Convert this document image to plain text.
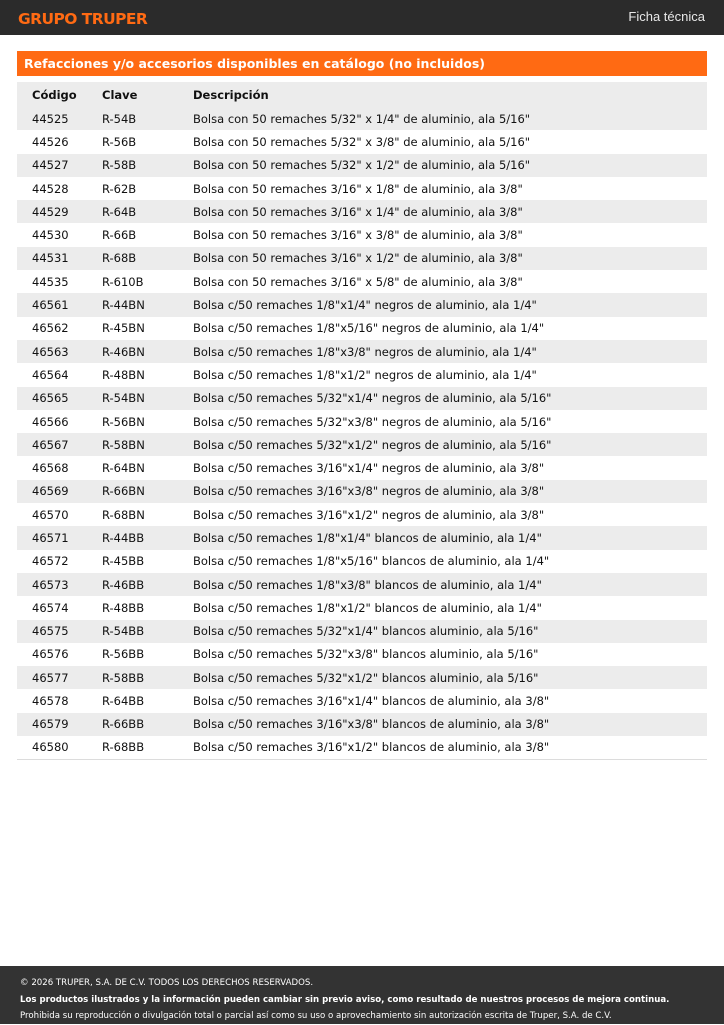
GRUPO TRUPER	Ficha técnica
Refacciones y/o accesorios disponibles en catálogo (no incluidos)
Código	Clave	Descripción
44525	R-54B	Bolsa con 50 remaches 5/32" x 1/4" de aluminio, ala 5/16"
44526	R-56B	Bolsa con 50 remaches 5/32" x 3/8" de aluminio, ala 5/16"
44527	R-58B	Bolsa con 50 remaches 5/32" x 1/2" de aluminio, ala 5/16"
44528	R-62B	Bolsa con 50 remaches 3/16" x 1/8" de aluminio, ala 3/8"
44529	R-64B	Bolsa con 50 remaches 3/16" x 1/4" de aluminio, ala 3/8"
44530	R-66B	Bolsa con 50 remaches 3/16" x 3/8" de aluminio, ala 3/8"
44531	R-68B	Bolsa con 50 remaches 3/16" x 1/2" de aluminio, ala 3/8"
44535	R-610B	Bolsa con 50 remaches 3/16" x 5/8" de aluminio, ala 3/8"
46561	R-44BN	Bolsa c/50 remaches 1/8"x1/4" negros de aluminio, ala 1/4"
46562	R-45BN	Bolsa c/50 remaches 1/8"x5/16" negros de aluminio, ala 1/4"
46563	R-46BN	Bolsa c/50 remaches 1/8"x3/8" negros de aluminio, ala 1/4"
46564	R-48BN	Bolsa c/50 remaches 1/8"x1/2" negros de aluminio, ala 1/4"
46565	R-54BN	Bolsa c/50 remaches 5/32"x1/4" negros de aluminio, ala 5/16"
46566	R-56BN	Bolsa c/50 remaches 5/32"x3/8" negros de aluminio, ala 5/16"
46567	R-58BN	Bolsa c/50 remaches 5/32"x1/2" negros de aluminio, ala 5/16"
46568	R-64BN	Bolsa c/50 remaches 3/16"x1/4" negros de aluminio, ala 3/8"
46569	R-66BN	Bolsa c/50 remaches 3/16"x3/8" negros de aluminio, ala 3/8"
46570	R-68BN	Bolsa c/50 remaches 3/16"x1/2" negros de aluminio, ala 3/8"
46571	R-44BB	Bolsa c/50 remaches 1/8"x1/4" blancos de aluminio, ala 1/4"
46572	R-45BB	Bolsa c/50 remaches 1/8"x5/16" blancos de aluminio, ala 1/4"
46573	R-46BB	Bolsa c/50 remaches 1/8"x3/8" blancos de aluminio, ala 1/4"
46574	R-48BB	Bolsa c/50 remaches 1/8"x1/2" blancos de aluminio, ala 1/4"
46575	R-54BB	Bolsa c/50 remaches 5/32"x1/4" blancos aluminio, ala 5/16"
46576	R-56BB	Bolsa c/50 remaches 5/32"x3/8" blancos aluminio, ala 5/16"
46577	R-58BB	Bolsa c/50 remaches 5/32"x1/2" blancos aluminio, ala 5/16"
46578	R-64BB	Bolsa c/50 remaches 3/16"x1/4" blancos de aluminio, ala 3/8"
46579	R-66BB	Bolsa c/50 remaches 3/16"x3/8" blancos de aluminio, ala 3/8"
46580	R-68BB	Bolsa c/50 remaches 3/16"x1/2" blancos de aluminio, ala 3/8"
© 2026 TRUPER, S.A. DE C.V. TODOS LOS DERECHOS RESERVADOS.
Los productos ilustrados y la información pueden cambiar sin previo aviso, como resultado de nuestros procesos de mejora continua.
Prohibida su reproducción o divulgación total o parcial así como su uso o aprovechamiento sin autorización escrita de Truper, S.A. de C.V.
